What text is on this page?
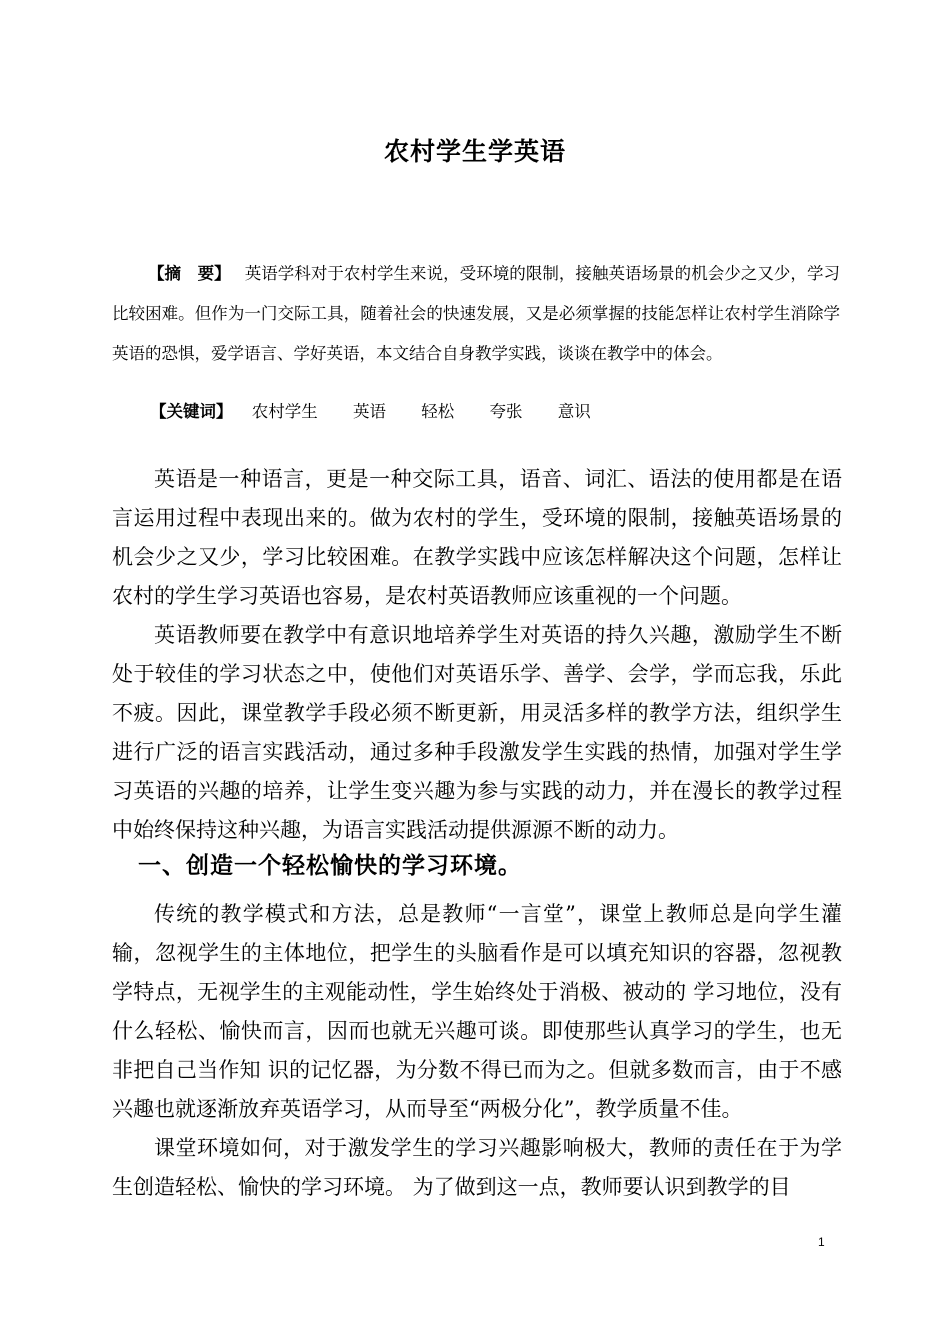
农村学生学英语
【摘　要】 英语学科对于农村学生来说，受环境的限制，接触英语场景的机会少之又少，学习比较困难。但作为一门交际工具，随着社会的快速发展，又是必须掌握的技能怎样让农村学生消除学英语的恐惧，爱学语言、学好英语，本文结合自身教学实践，谈谈在教学中的体会。
【关键词】 农村学生 英语 轻松 夸张 意识
英语是一种语言，更是一种交际工具，语音、词汇、语法的使用都是在语言运用过程中表现出来的。做为农村的学生，受环境的限制，接触英语场景的机会少之又少，学习比较困难。在教学实践中应该怎样解决这个问题，怎样让农村的学生学习英语也容易，是农村英语教师应该重视的一个问题。
英语教师要在教学中有意识地培养学生对英语的持久兴趣，激励学生不断处于较佳的学习状态之中，使他们对英语乐学、善学、会学，学而忘我，乐此不疲。因此，课堂教学手段必须不断更新，用灵活多样的教学方法，组织学生进行广泛的语言实践活动，通过多种手段激发学生实践的热情，加强对学生学习英语的兴趣的培养，让学生变兴趣为参与实践的动力，并在漫长的教学过程中始终保持这种兴趣，为语言实践活动提供源源不断的动力。
一、创造一个轻松愉快的学习环境。
传统的教学模式和方法，总是教师“一言堂”，课堂上教师总是向学生灌输，忽视学生的主体地位，把学生的头脑看作是可以填充知识的容器，忽视教学特点，无视学生的主观能动性，学生始终处于消极、被动的 学习地位，没有什么轻松、愉快而言，因而也就无兴趣可谈。即使那些认真学习的学生，也无非把自己当作知 识的记忆器，为分数不得已而为之。但就多数而言，由于不感兴趣也就逐渐放弃英语学习，从而导至“两极分化”，教学质量不佳。
课堂环境如何，对于激发学生的学习兴趣影响极大，教师的责任在于为学生创造轻松、愉快的学习环境。 为了做到这一点，教师要认识到教学的目
1
